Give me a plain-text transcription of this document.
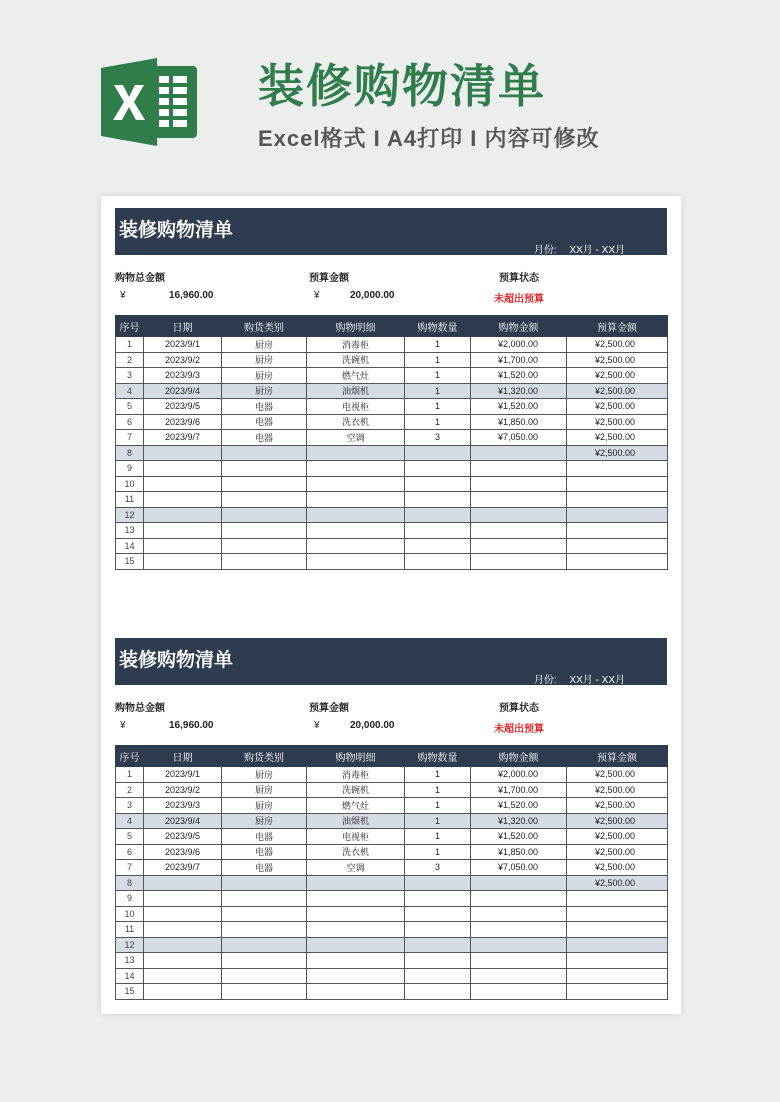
装修购物清单
Excel格式 I A4打印 I 内容可修改
装修购物清单
月份: XX月 - XX月
购物总金额
¥	16,960.00
预算金额
¥	20,000.00
预算状态
未超出预算
序号	日期	购货类别	购物明细	购物数量	购物金额	预算金额
1	2023/9/1	厨房	消毒柜	1	¥2,000.00	¥2,500.00
2	2023/9/2	厨房	洗碗机	1	¥1,700.00	¥2,500.00
3	2023/9/3	厨房	燃气灶	1	¥1,520.00	¥2,500.00
4	2023/9/4	厨房	油烟机	1	¥1,320.00	¥2,500.00
5	2023/9/5	电器	电视柜	1	¥1,520.00	¥2,500.00
6	2023/9/6	电器	洗衣机	1	¥1,850.00	¥2,500.00
7	2023/9/7	电器	空调	3	¥7,050.00	¥2,500.00
8						¥2,500.00
9						
10						
11						
12						
13						
14						
15						
装修购物清单
月份: XX月 - XX月
购物总金额
¥	16,960.00
预算金额
¥	20,000.00
预算状态
未超出预算
序号	日期	购货类别	购物明细	购物数量	购物金额	预算金额
1	2023/9/1	厨房	消毒柜	1	¥2,000.00	¥2,500.00
2	2023/9/2	厨房	洗碗机	1	¥1,700.00	¥2,500.00
3	2023/9/3	厨房	燃气灶	1	¥1,520.00	¥2,500.00
4	2023/9/4	厨房	油烟机	1	¥1,320.00	¥2,500.00
5	2023/9/5	电器	电视柜	1	¥1,520.00	¥2,500.00
6	2023/9/6	电器	洗衣机	1	¥1,850.00	¥2,500.00
7	2023/9/7	电器	空调	3	¥7,050.00	¥2,500.00
8						¥2,500.00
9						
10						
11						
12						
13						
14						
15						
